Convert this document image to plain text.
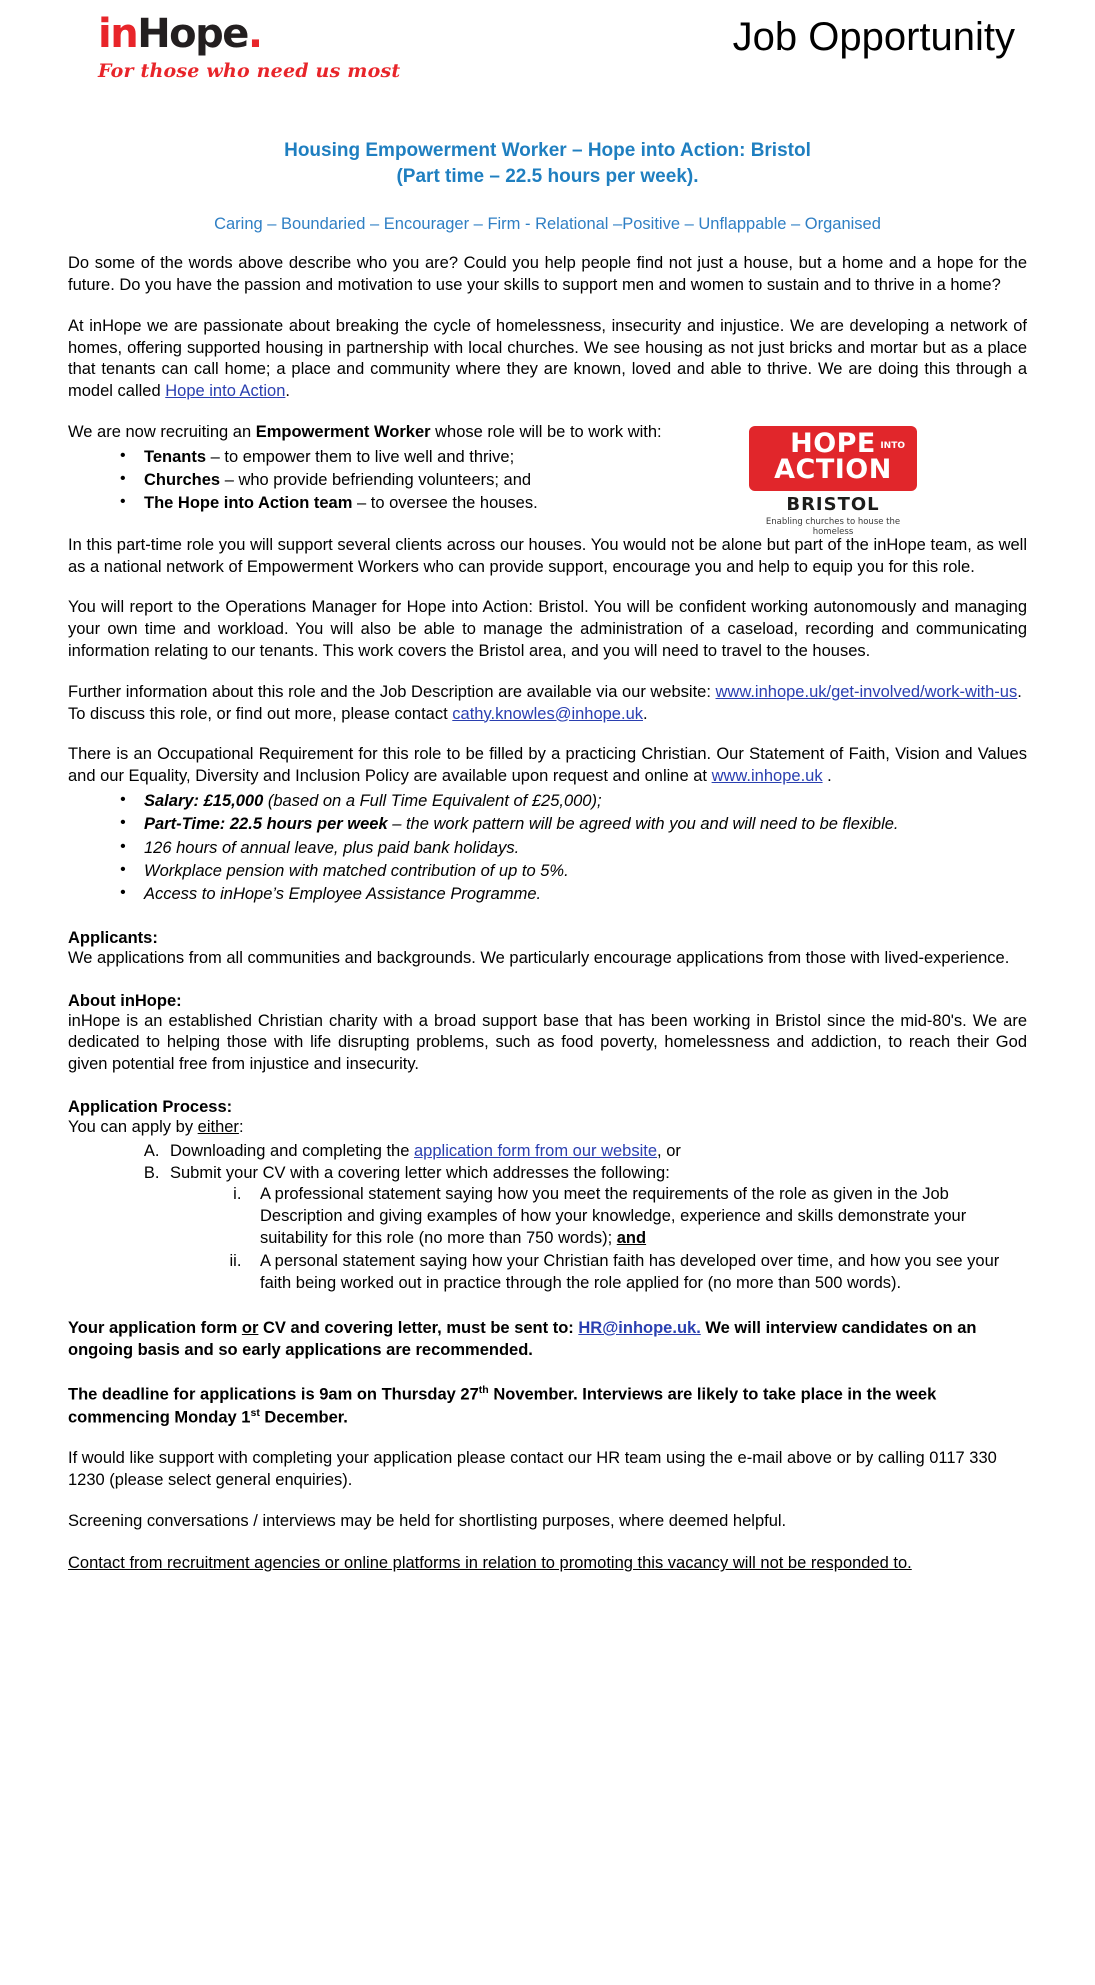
inHope.
For those who need us most
Job Opportunity
Housing Empowerment Worker – Hope into Action: Bristol
(Part time – 22.5 hours per week).
Caring – Boundaried – Encourager – Firm - Relational –Positive – Unflappable – Organised

Do some of the words above describe who you are? Could you help people find not just a house, but a home and a hope for the future. Do you have the passion and motivation to use your skills to support men and women to sustain and to thrive in a home?

At inHope we are passionate about breaking the cycle of homelessness, insecurity and injustice. We are developing a network of homes, offering supported housing in partnership with local churches. We see housing as not just bricks and mortar but as a place that tenants can call home; a place and community where they are known, loved and able to thrive. We are doing this through a model called Hope into Action.

HOPE INTO
ACTION
BRISTOL
Enabling churches to house the homeless

We are now recruiting an Empowerment Worker whose role will be to work with:

• Tenants – to empower them to live well and thrive;
• Churches – who provide befriending volunteers; and
• The Hope into Action team – to oversee the houses.

In this part-time role you will support several clients across our houses. You would not be alone but part of the inHope team, as well as a national network of Empowerment Workers who can provide support, encourage you and help to equip you for this role.

You will report to the Operations Manager for Hope into Action: Bristol. You will be confident working autonomously and managing your own time and workload. You will also be able to manage the administration of a caseload, recording and communicating information relating to our tenants. This work covers the Bristol area, and you will need to travel to the houses.

Further information about this role and the Job Description are available via our website: www.inhope.uk/get-involved/work-with-us. To discuss this role, or find out more, please contact cathy.knowles@inhope.uk.

There is an Occupational Requirement for this role to be filled by a practicing Christian. Our Statement of Faith, Vision and Values and our Equality, Diversity and Inclusion Policy are available upon request and online at www.inhope.uk .

• Salary: £15,000 (based on a Full Time Equivalent of £25,000);
• Part-Time: 22.5 hours per week – the work pattern will be agreed with you and will need to be flexible.
• 126 hours of annual leave, plus paid bank holidays.
• Workplace pension with matched contribution of up to 5%.
• Access to inHope’s Employee Assistance Programme.
Applicants:

We applications from all communities and backgrounds. We particularly encourage applications from those with lived-experience.

About inHope:

inHope is an established Christian charity with a broad support base that has been working in Bristol since the mid-80's. We are dedicated to helping those with life disrupting problems, such as food poverty, homelessness and addiction, to reach their God given potential free from injustice and insecurity.

Application Process:

You can apply by either:

A. Downloading and completing the application form from our website, or
B. Submit your CV with a covering letter which addresses the following:
i. A professional statement saying how you meet the requirements of the role as given in the Job Description and giving examples of how your knowledge, experience and skills demonstrate your suitability for this role (no more than 750 words); and
ii. A personal statement saying how your Christian faith has developed over time, and how you see your faith being worked out in practice through the role applied for (no more than 500 words).

Your application form or CV and covering letter, must be sent to: HR@inhope.uk. We will interview candidates on an ongoing basis and so early applications are recommended.

The deadline for applications is 9am on Thursday 27th November. Interviews are likely to take place in the week commencing Monday 1st December.

If would like support with completing your application please contact our HR team using the e-mail above or by calling 0117 330 1230 (please select general enquiries).

Screening conversations / interviews may be held for shortlisting purposes, where deemed helpful.

Contact from recruitment agencies or online platforms in relation to promoting this vacancy will not be responded to.
